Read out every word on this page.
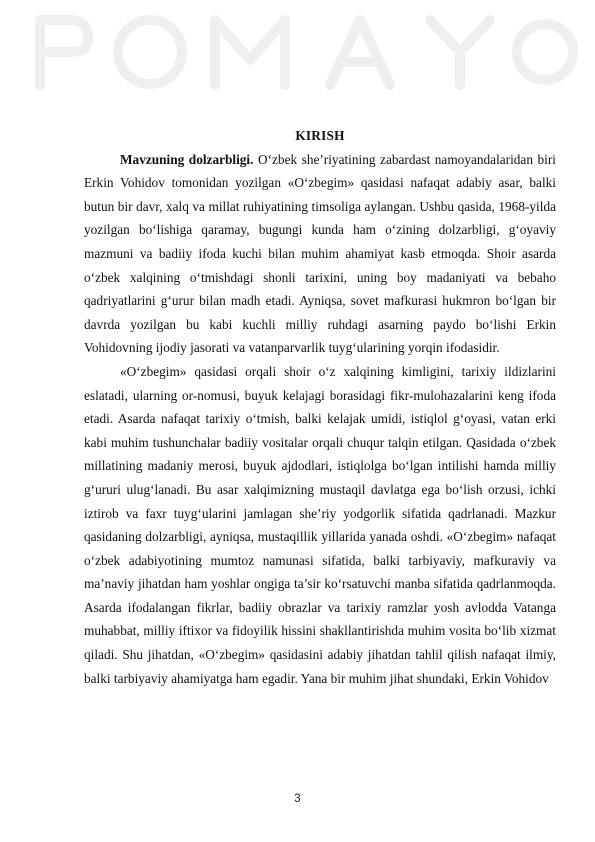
KIRISH

Mavzuning dolzarbligi. O‘zbek she’riyatining zabardast namoyandalaridan biri Erkin Vohidov tomonidan yozilgan «O‘zbegim» qasidasi nafaqat adabiy asar, balki butun bir davr, xalq va millat ruhiyatining timsoliga aylangan. Ushbu qasida, 1968-yilda yozilgan bo‘lishiga qaramay, bugungi kunda ham o‘zining dolzarbligi, g‘oyaviy mazmuni va badiiy ifoda kuchi bilan muhim ahamiyat kasb etmoqda. Shoir asarda o‘zbek xalqining o‘tmishdagi shonli tarixini, uning boy madaniyati va bebaho qadriyatlarini g‘urur bilan madh etadi. Ayniqsa, sovet mafkurasi hukmron bo‘lgan bir davrda yozilgan bu kabi kuchli milliy ruhdagi asarning paydo bo‘lishi Erkin Vohidovning ijodiy jasorati va vatanparvarlik tuyg‘ularining yorqin ifodasidir.

«O‘zbegim» qasidasi orqali shoir o‘z xalqining kimligini, tarixiy ildizlarini eslatadi, ularning or-nomusi, buyuk kelajagi borasidagi fikr-mulohazalarini keng ifoda etadi. Asarda nafaqat tarixiy o‘tmish, balki kelajak umidi, istiqlol g‘oyasi, vatan erki kabi muhim tushunchalar badiiy vositalar orqali chuqur talqin etilgan. Qasidada o‘zbek millatining madaniy merosi, buyuk ajdodlari, istiqlolga bo‘lgan intilishi hamda milliy g‘ururi ulug‘lanadi. Bu asar xalqimizning mustaqil davlatga ega bo‘lish orzusi, ichki iztirob va faxr tuyg‘ularini jamlagan she’riy yodgorlik sifatida qadrlanadi. Mazkur qasidaning dolzarbligi, ayniqsa, mustaqillik yillarida yanada oshdi. «O‘zbegim» nafaqat o‘zbek adabiyotining mumtoz namunasi sifatida, balki tarbiyaviy, mafkuraviy va ma’naviy jihatdan ham yoshlar ongiga ta’sir ko‘rsatuvchi manba sifatida qadrlanmoqda. Asarda ifodalangan fikrlar, badiiy obrazlar va tarixiy ramzlar yosh avlodda Vatanga muhabbat, milliy iftixor va fidoyilik hissini shakllantirishda muhim vosita bo‘lib xizmat qiladi. Shu jihatdan, «O‘zbegim» qasidasini adabiy jihatdan tahlil qilish nafaqat ilmiy, balki tarbiyaviy ahamiyatga ham egadir. Yana bir muhim jihat shundaki, Erkin Vohidov

3
